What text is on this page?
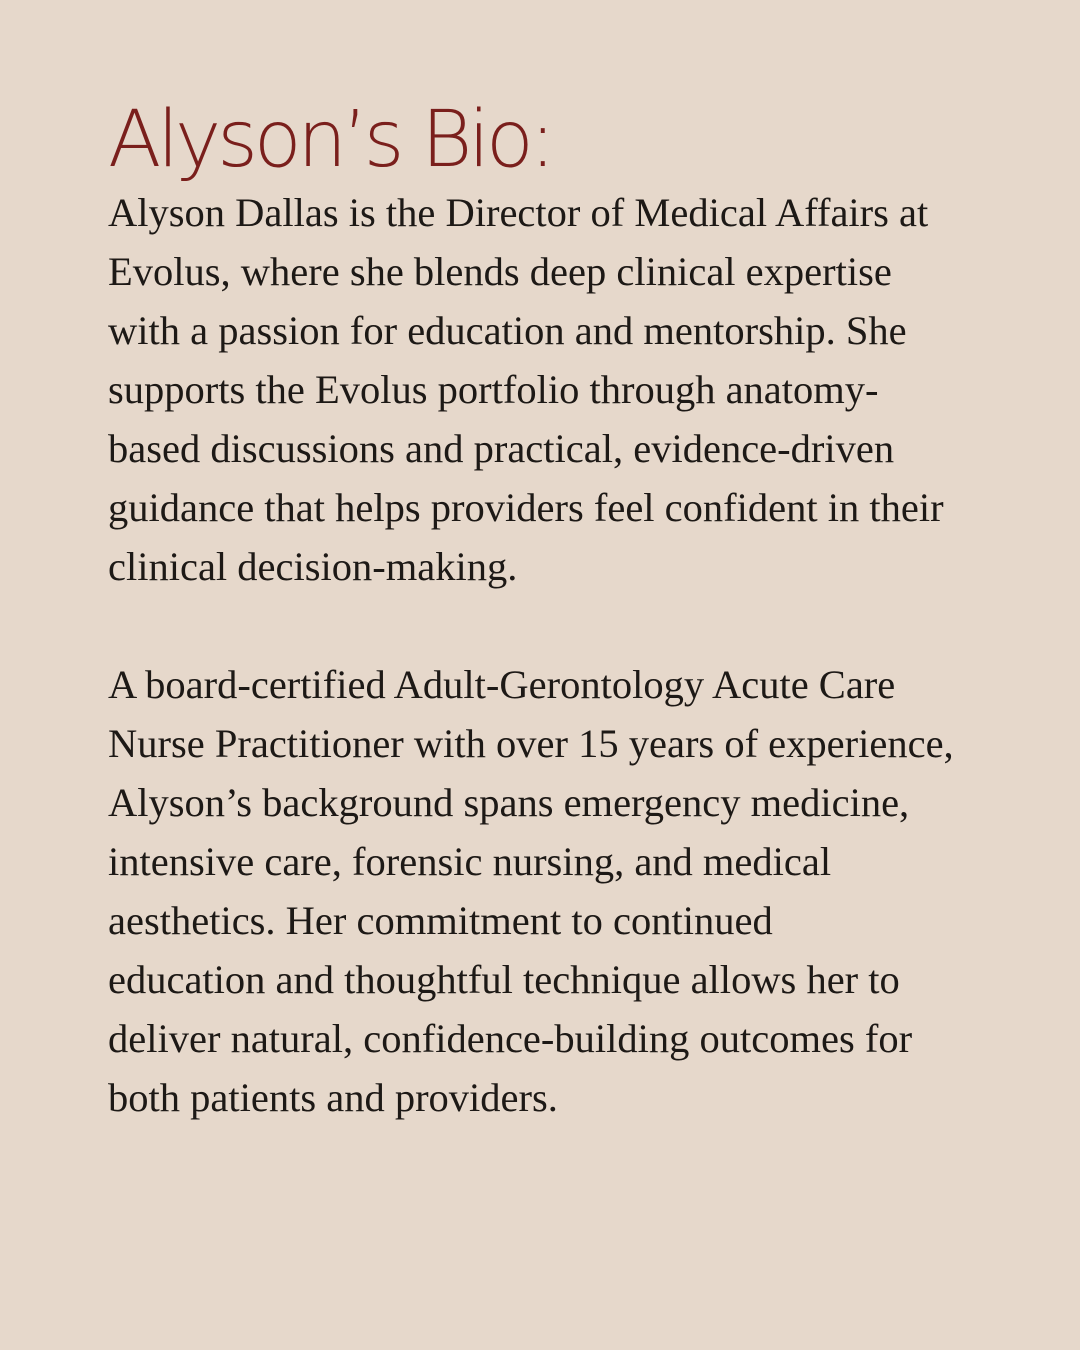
Alyson’s Bio:

Alyson Dallas is the Director of Medical Affairs at
Evolus, where she blends deep clinical expertise
with a passion for education and mentorship. She
supports the Evolus portfolio through anatomy-
based discussions and practical, evidence-driven
guidance that helps providers feel confident in their
clinical decision-making.

A board-certified Adult-Gerontology Acute Care
Nurse Practitioner with over 15 years of experience,
Alyson’s background spans emergency medicine,
intensive care, forensic nursing, and medical
aesthetics. Her commitment to continued
education and thoughtful technique allows her to
deliver natural, confidence-building outcomes for
both patients and providers.
